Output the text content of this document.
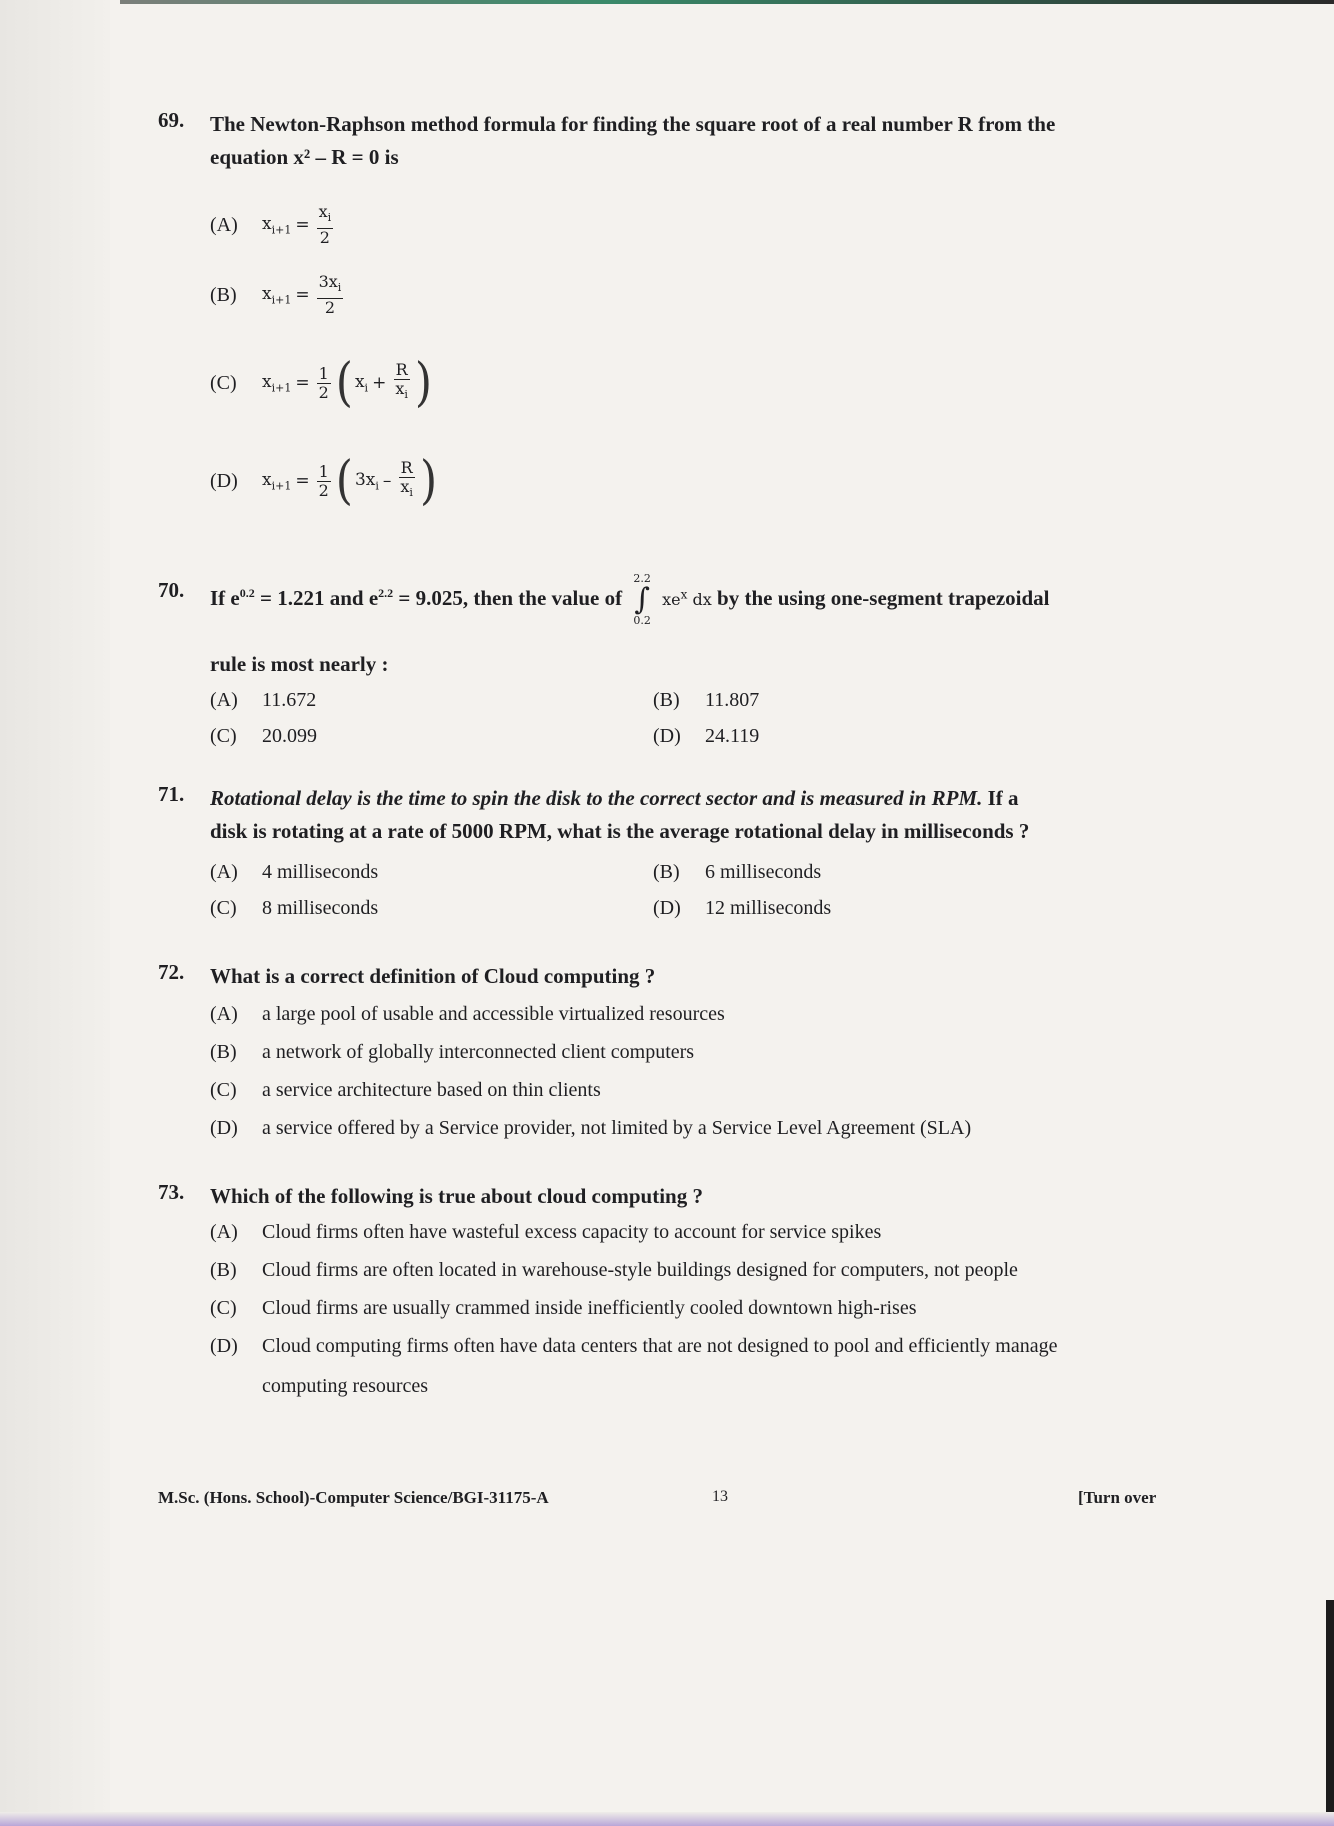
69. The Newton-Raphson method formula for finding the square root of a real number R from the
equation x² – R = 0 is
(A)	$x_{i+1} = \frac{x_i}{2}$
(B)	$x_{i+1} = \frac{3x_i}{2}$
(C)	$x_{i+1} = \frac{1}{2}$ ( $x_i + \frac{R}{x_i}$ )
(D)	$x_{i+1} = \frac{1}{2}$ ( $3x_i - \frac{R}{x_i}$ )
70. If $e^{0.2} = 1.221$ and $e^{2.2} = 9.025$, then the value of
2.2
∫
0.2
$xe^x$ dx by the using one-segment trapezoidal
rule is most nearly :
(A) 11.672	(B) 11.807
(C) 20.099	(D) 24.119
71. Rotational delay is the time to spin the disk to the correct sector and is measured in RPM. If a
disk is rotating at a rate of 5000 RPM, what is the average rotational delay in milliseconds ?
(A) 4 milliseconds	(B) 6 milliseconds
(C) 8 milliseconds	(D) 12 milliseconds
72. What is a correct definition of Cloud computing ?
(A) a large pool of usable and accessible virtualized resources
(B) a network of globally interconnected client computers
(C) a service architecture based on thin clients
(D) a service offered by a Service provider, not limited by a Service Level Agreement (SLA)
73. Which of the following is true about cloud computing ?
(A) Cloud firms often have wasteful excess capacity to account for service spikes
(B) Cloud firms are often located in warehouse-style buildings designed for computers, not people
(C) Cloud firms are usually crammed inside inefficiently cooled downtown high-rises
(D) Cloud computing firms often have data centers that are not designed to pool and efficiently manage
computing resources
M.Sc. (Hons. School)-Computer Science/BGI-31175-A	13	[Turn over
